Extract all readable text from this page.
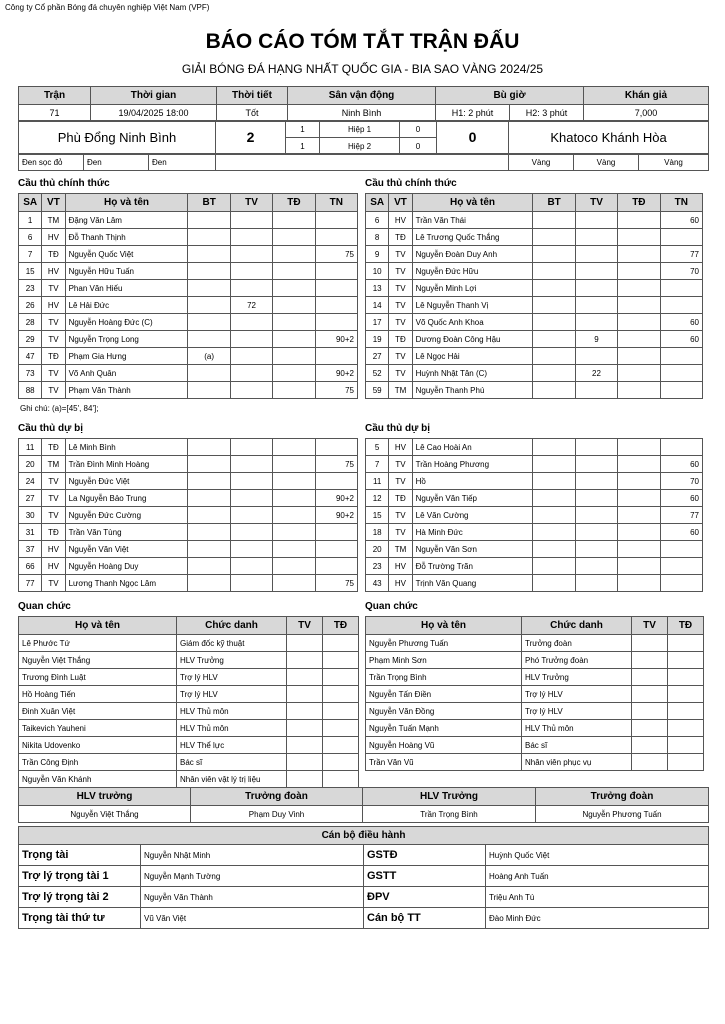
Công ty Cổ phần Bóng đá chuyên nghiệp Việt Nam (VPF)
BÁO CÁO TÓM TẮT TRẬN ĐẤU
GIẢI BÓNG ĐÁ HẠNG NHẤT QUỐC GIA - BIA SAO VÀNG 2024/25
Trận	Thời gian	Thời tiết	Sân vận động	Bù giờ		Khán giả
71	19/04/2025 18:00	Tốt	Ninh Bình	H1: 2 phút	H2: 3 phút	7,000
Phù Đổng Ninh Bình	2	1	Hiệp 1	0	0	Khatoco Khánh Hòa
		1	Hiệp 2	0		
Đen sọc đỏ	Đen	Đen		Vàng	Vàng	Vàng
Cầu thủ chính thức	Cầu thủ chính thức
SA	VT	Họ và tên	BT	TV	TĐ	TN
1	TM	Đặng Văn Lâm				
6	HV	Đỗ Thanh Thịnh				
7	TĐ	Nguyễn Quốc Việt				75
15	HV	Nguyễn Hữu Tuấn				
23	TV	Phan Văn Hiếu				
26	HV	Lê Hải Đức		72		
28	TV	Nguyễn Hoàng Đức (C)				
29	TV	Nguyễn Trọng Long				90+2
47	TĐ	Phạm Gia Hưng	(a)			
73	TV	Võ Anh Quân				90+2
88	TV	Phạm Văn Thành				75
SA	VT	Họ và tên	BT	TV	TĐ	TN
6	HV	Trần Văn Thái				60
8	TĐ	Lê Trương Quốc Thắng				
9	TV	Nguyễn Đoàn Duy Anh				77
10	TV	Nguyễn Đức Hữu				70
13	TV	Nguyễn Minh Lợi				
14	TV	Lê Nguyễn Thanh Vị				
17	TV	Võ Quốc Anh Khoa				60
19	TĐ	Dương Đoàn Công Hậu		9		60
27	TV	Lê Ngọc Hải				
52	TV	Huỳnh Nhật Tân (C)		22		
59	TM	Nguyễn Thanh Phú				
Ghi chú: (a)=[45', 84'];
Cầu thủ dự bị	Cầu thủ dự bị
11	TĐ	Lê Minh Bình				
20	TM	Trần Đình Minh Hoàng				75
24	TV	Nguyễn Đức Việt				
27	TV	La Nguyễn Bảo Trung				90+2
30	TV	Nguyễn Đức Cường				90+2
31	TĐ	Trần Văn Tùng				
37	HV	Nguyễn Văn Việt				
66	HV	Nguyễn Hoàng Duy				
77	TV	Lương Thanh Ngọc Lâm				75
5	HV	Lê Cao Hoài An				
7	TV	Trần Hoàng Phương				60
11	TV	Hồ				70
12	TĐ	Nguyễn Văn Tiếp				60
15	TV	Lê Văn Cường				77
18	TV	Hà Minh Đức				60
20	TM	Nguyễn Văn Sơn				
23	HV	Đỗ Trường Trãn				
43	HV	Trịnh Văn Quang				
Quan chức	Quan chức
Họ và tên	Chức danh	TV	TĐ
Lê Phước Tứ	Giám đốc kỹ thuật		
Nguyễn Việt Thắng	HLV Trưởng		
Trương Đình Luật	Trợ lý HLV		
Hồ Hoàng Tiến	Trợ lý HLV		
Đinh Xuân Việt	HLV Thủ môn		
Taikevich Yauheni	HLV Thủ môn		
Nikita Udovenko	HLV Thể lực		
Trần Công Định	Bác sĩ		
Nguyễn Văn Khánh	Nhân viên vật lý trị liệu		
Họ và tên	Chức danh	TV	TĐ
Nguyễn Phương Tuấn	Trưởng đoàn		
Phạm Minh Sơn	Phó Trưởng đoàn		
Trần Trọng Bình	HLV Trưởng		
Nguyễn Tấn Điền	Trợ lý HLV		
Nguyễn Văn Đồng	Trợ lý HLV		
Nguyễn Tuấn Mạnh	HLV Thủ môn		
Nguyễn Hoàng Vũ	Bác sĩ		
Trần Văn Vũ	Nhân viên phục vụ		
HLV trưởng	Trưởng đoàn	HLV Trưởng	Trưởng đoàn
Nguyễn Việt Thắng	Phạm Duy Vinh	Trần Trọng Bình	Nguyễn Phương Tuấn
Cán bộ điều hành			
Trọng tài	Nguyễn Nhật Minh	GSTĐ	Huỳnh Quốc Việt
Trợ lý trọng tài 1	Nguyễn Mạnh Tường	GSTT	Hoàng Anh Tuấn
Trợ lý trọng tài 2	Nguyễn Văn Thành	ĐPV	Triệu Anh Tú
Trọng tài thứ tư	Vũ Văn Việt	Cán bộ TT	Đào Minh Đức
